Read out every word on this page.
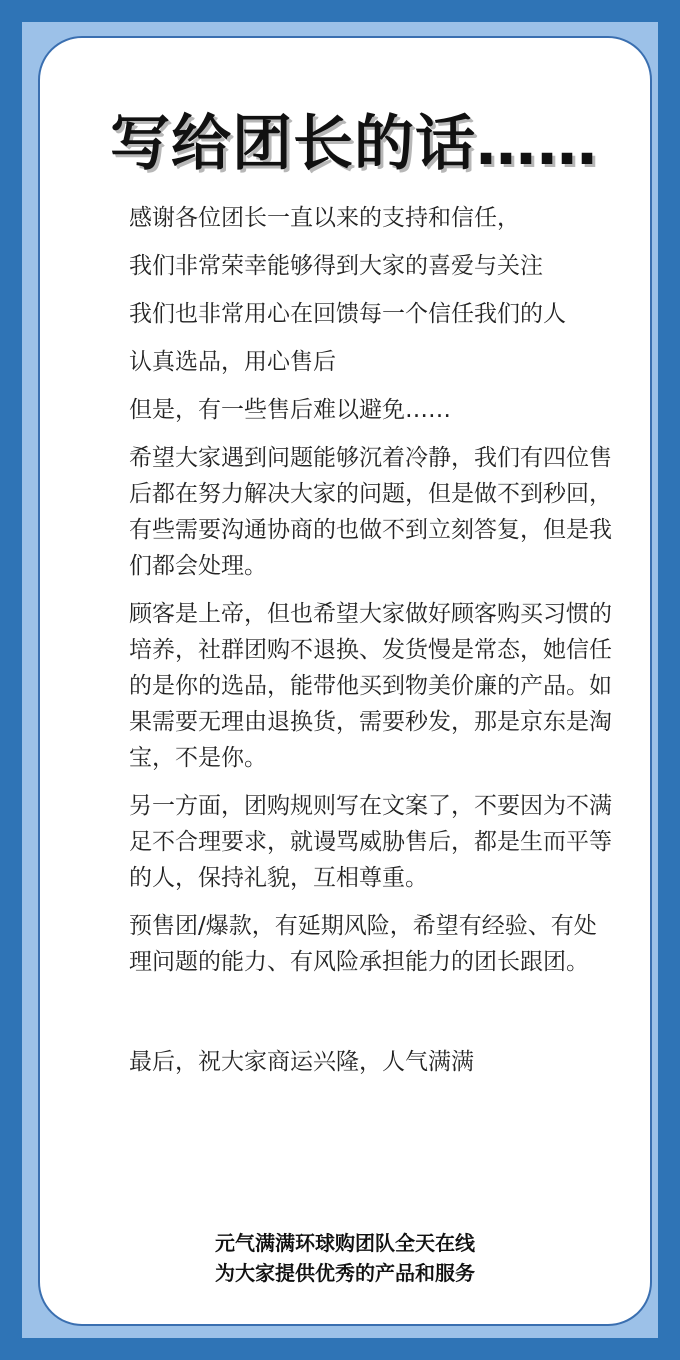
写给团长的话……

感谢各位团长一直以来的支持和信任，

我们非常荣幸能够得到大家的喜爱与关注

我们也非常用心在回馈每一个信任我们的人

认真选品，用心售后

但是，有一些售后难以避免……

希望大家遇到问题能够沉着冷静，我们有四位售后都在努力解决大家的问题，但是做不到秒回，有些需要沟通协商的也做不到立刻答复，但是我们都会处理。

顾客是上帝，但也希望大家做好顾客购买习惯的培养，社群团购不退换、发货慢是常态，她信任的是你的选品，能带他买到物美价廉的产品。如果需要无理由退换货，需要秒发，那是京东是淘宝，不是你。

另一方面，团购规则写在文案了，不要因为不满足不合理要求，就谩骂威胁售后，都是生而平等的人，保持礼貌，互相尊重。

预售团/爆款，有延期风险，希望有经验、有处理问题的能力、有风险承担能力的团长跟团。

最后，祝大家商运兴隆，人气满满

元气满满环球购团队全天在线
为大家提供优秀的产品和服务
